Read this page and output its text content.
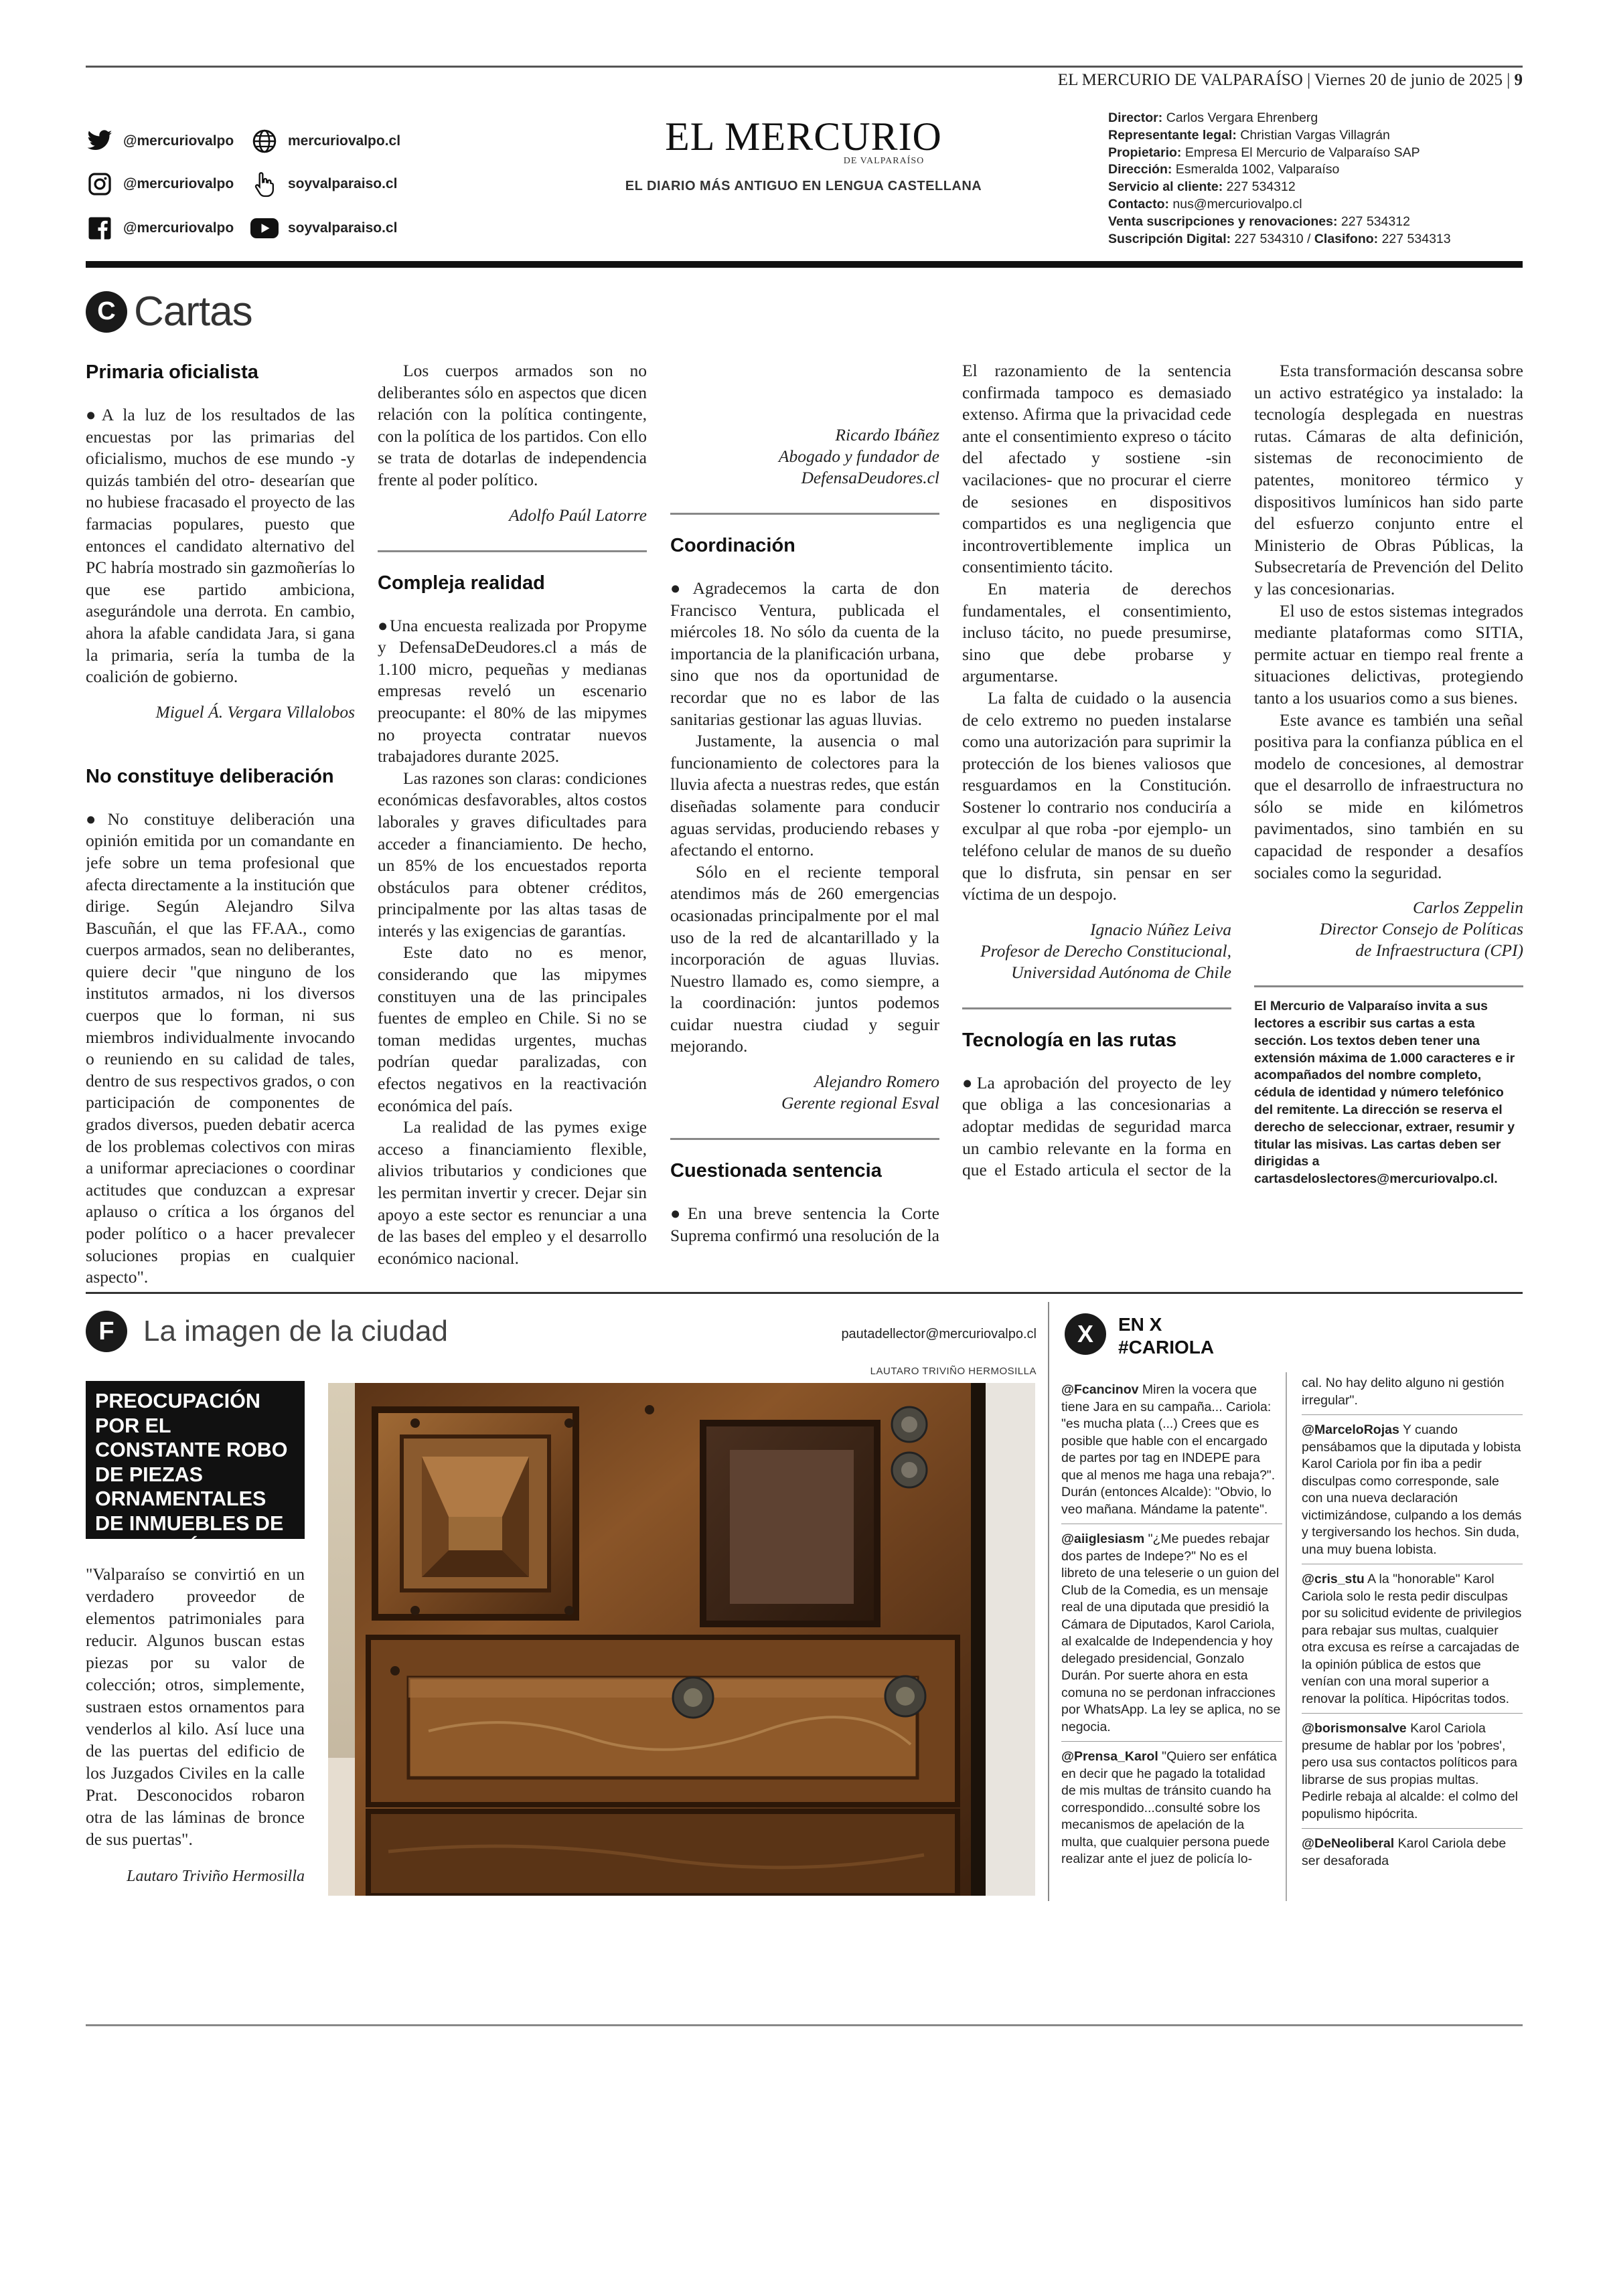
EL MERCURIO DE VALPARAÍSO | Viernes 20 de junio de 2025 | 9
@mercuriovalpo	mercuriovalpo.cl
@mercuriovalpo	soyvalparaiso.cl
@mercuriovalpo	soyvalparaiso.cl
EL MERCURIO
DE VALPARAÍSO
EL DIARIO MÁS ANTIGUO EN LENGUA CASTELLANA
Director: Carlos Vergara Ehrenberg
Representante legal: Christian Vargas Villagrán
Propietario: Empresa El Mercurio de Valparaíso SAP
Dirección: Esmeralda 1002, Valparaíso
Servicio al cliente: 227 534312
Contacto: nus@mercuriovalpo.cl
Venta suscripciones y renovaciones: 227 534312
Suscripción Digital: 227 534310 / Clasifono: 227 534313
C Cartas
Primaria oficialista

●A la luz de los resultados de las encuestas por las primarias del oficialismo, muchos de ese mundo -y quizás también del otro- desearían que no hubiese fracasado el proyecto de las farmacias populares, puesto que entonces el candidato alternativo del PC habría mostrado sin gazmoñerías lo que ese partido ambiciona, asegurándole una derrota. En cambio, ahora la afable candidata Jara, si gana la primaria, sería la tumba de la coalición de gobierno.

Miguel Á. Vergara Villalobos

No constituye deliberación

●No constituye deliberación una opinión emitida por un comandante en jefe sobre un tema profesional que afecta directamente a la institución que dirige. Según Alejandro Silva Bascuñán, el que las FF.AA., como cuerpos armados, sean no deliberantes, quiere decir "que ninguno de los institutos armados, ni los diversos cuerpos que lo forman, ni sus miembros individualmente invocando o reuniendo en su calidad de tales, dentro de sus respectivos grados, o con participación de componentes de grados diversos, pueden debatir acerca de los problemas colectivos con miras a uniformar apreciaciones o coordinar actitudes que conduzcan a expresar aplauso o crítica a los órganos del poder político o a hacer prevalecer soluciones propias en cualquier aspecto".

Los cuerpos armados son no deliberantes sólo en aspectos que dicen relación con la política contingente, con la política de los partidos. Con ello se trata de dotarlas de independencia frente al poder político.

Adolfo Paúl Latorre

Compleja realidad

●Una encuesta realizada por Propyme y DefensaDeDeudores.cl a más de 1.100 micro, pequeñas y medianas empresas reveló un escenario preocupante: el 80% de las mipymes no proyecta contratar nuevos trabajadores durante 2025.

Las razones son claras: condiciones económicas desfavorables, altos costos laborales y graves dificultades para acceder a financiamiento. De hecho, un 85% de los encuestados reporta obstáculos para obtener créditos, principalmente por las altas tasas de interés y las exigencias de garantías.

Este dato no es menor, considerando que las mipymes constituyen una de las principales fuentes de empleo en Chile. Si no se toman medidas urgentes, muchas podrían quedar paralizadas, con efectos negativos en la reactivación económica del país.

La realidad de las pymes exige acceso a financiamiento flexible, alivios tributarios y condiciones que les permitan invertir y crecer. Dejar sin apoyo a este sector es renunciar a una de las bases del empleo y el desarrollo económico nacional.

Ricardo Ibáñez
Abogado y fundador de
DefensaDeudores.cl

Coordinación

●Agradecemos la carta de don Francisco Ventura, publicada el miércoles 18. No sólo da cuenta de la importancia de la planificación urbana, sino que nos da oportunidad de recordar que no es labor de las sanitarias gestionar las aguas lluvias.

Justamente, la ausencia o mal funcionamiento de colectores para la lluvia afecta a nuestras redes, que están diseñadas solamente para conducir aguas servidas, produciendo rebases y afectando el entorno.

Sólo en el reciente temporal atendimos más de 260 emergencias ocasionadas principalmente por el mal uso de la red de alcantarillado y la incorporación de aguas lluvias. Nuestro llamado es, como siempre, a la coordinación: juntos podemos cuidar nuestra ciudad y seguir mejorando.

Alejandro Romero
Gerente regional Esval

Cuestionada sentencia

●En una breve sentencia la Corte Suprema confirmó una resolución de la

El razonamiento de la sentencia confirmada tampoco es demasiado extenso. Afirma que la privacidad cede ante el consentimiento expreso o tácito del afectado y sostiene -sin vacilaciones- que no procurar el cierre de sesiones en dispositivos compartidos es una negligencia que incontrovertiblemente implica un consentimiento tácito.

En materia de derechos fundamentales, el consentimiento, incluso tácito, no puede presumirse, sino que debe probarse y argumentarse.

La falta de cuidado o la ausencia de celo extremo no pueden instalarse como una autorización para suprimir la protección de los bienes valiosos que resguardamos en la Constitución. Sostener lo contrario nos conduciría a exculpar al que roba -por ejemplo- un teléfono celular de manos de su dueño que lo disfruta, sin pensar en ser víctima de un despojo.

Ignacio Núñez Leiva
Profesor de Derecho Constitucional,
Universidad Autónoma de Chile

Tecnología en las rutas

●La aprobación del proyecto de ley que obliga a las concesionarias a adoptar medidas de seguridad marca un cambio relevante en la forma en que el Estado articula el sector de la

Esta transformación descansa sobre un activo estratégico ya instalado: la tecnología desplegada en nuestras rutas. Cámaras de alta definición, sistemas de reconocimiento de patentes, monitoreo térmico y dispositivos lumínicos han sido parte del esfuerzo conjunto entre el Ministerio de Obras Públicas, la Subsecretaría de Prevención del Delito y las concesionarias.

El uso de estos sistemas integrados mediante plataformas como SITIA, permite actuar en tiempo real frente a situaciones delictivas, protegiendo tanto a los usuarios como a sus bienes.

Este avance es también una señal positiva para la confianza pública en el modelo de concesiones, al demostrar que el desarrollo de infraestructura no sólo se mide en kilómetros pavimentados, sino también en su capacidad de responder a desafíos sociales como la seguridad.

Carlos Zeppelin
Director Consejo de Políticas
de Infraestructura (CPI)

El Mercurio de Valparaíso invita a sus lectores a escribir sus cartas a esta sección. Los textos deben tener una extensión máxima de 1.000 caracteres e ir acompañados del nombre completo, cédula de identidad y número telefónico del remitente. La dirección se reserva el derecho de seleccionar, extraer, resumir y titular las misivas. Las cartas deben ser dirigidas a cartasdeloslectores@mercuriovalpo.cl.
F La imagen de la ciudad	pautadellector@mercuriovalpo.cl
LAUTARO TRIVIÑO HERMOSILLA
PREOCUPACIÓN POR EL CONSTANTE ROBO DE PIEZAS ORNAMENTALES DE INMUEBLES DE VALPARAÍSO
"Valparaíso se convirtió en un verdadero proveedor de elementos patrimoniales para reducir. Algunos buscan estas piezas por su valor de colección; otros, simplemente, sustraen estos ornamentos para venderlos al kilo. Así luce una de las puertas del edificio de los Juzgados Civiles en la calle Prat. Desconocidos robaron otra de las láminas de bronce de sus puertas".
Lautaro Triviño Hermosilla
X	EN X
#CARIOLA
@Fcancinov Miren la vocera que tiene Jara en su campaña... Cariola: "es mucha plata (...) Crees que es posible que hable con el encargado de partes por tag en INDEPE para que al menos me haga una rebaja?". Durán (entonces Alcalde): "Obvio, lo veo mañana. Mándame la patente".
@aiiglesiasm "¿Me puedes rebajar dos partes de Indepe?" No es el libreto de una teleserie o un guion del Club de la Comedia, es un mensaje real de una diputada que presidió la Cámara de Diputados, Karol Cariola, al exalcalde de Independencia y hoy delegado presidencial, Gonzalo Durán. Por suerte ahora en esta comuna no se perdonan infracciones por WhatsApp. La ley se aplica, no se negocia.
@Prensa_Karol "Quiero ser enfática en decir que he pagado la totalidad de mis multas de tránsito cuando ha correspondido...consulté sobre los mecanismos de apelación de la multa, que cualquier persona puede realizar ante el juez de policía lo-
cal. No hay delito alguno ni gestión irregular".
@MarceloRojas Y cuando pensábamos que la diputada y lobista Karol Cariola por fin iba a pedir disculpas como corresponde, sale con una nueva declaración victimizándose, culpando a los demás y tergiversando los hechos. Sin duda, una muy buena lobista.
@cris_stu A la "honorable" Karol Cariola solo le resta pedir disculpas por su solicitud evidente de privilegios para rebajar sus multas, cualquier otra excusa es reírse a carcajadas de la opinión pública de estos que venían con una moral superior a renovar la política. Hipócritas todos.
@borismonsalve Karol Cariola presume de hablar por los 'pobres', pero usa sus contactos políticos para librarse de sus propias multas. Pedirle rebaja al alcalde: el colmo del populismo hipócrita.
@DeNeoliberal Karol Cariola debe ser desaforada
